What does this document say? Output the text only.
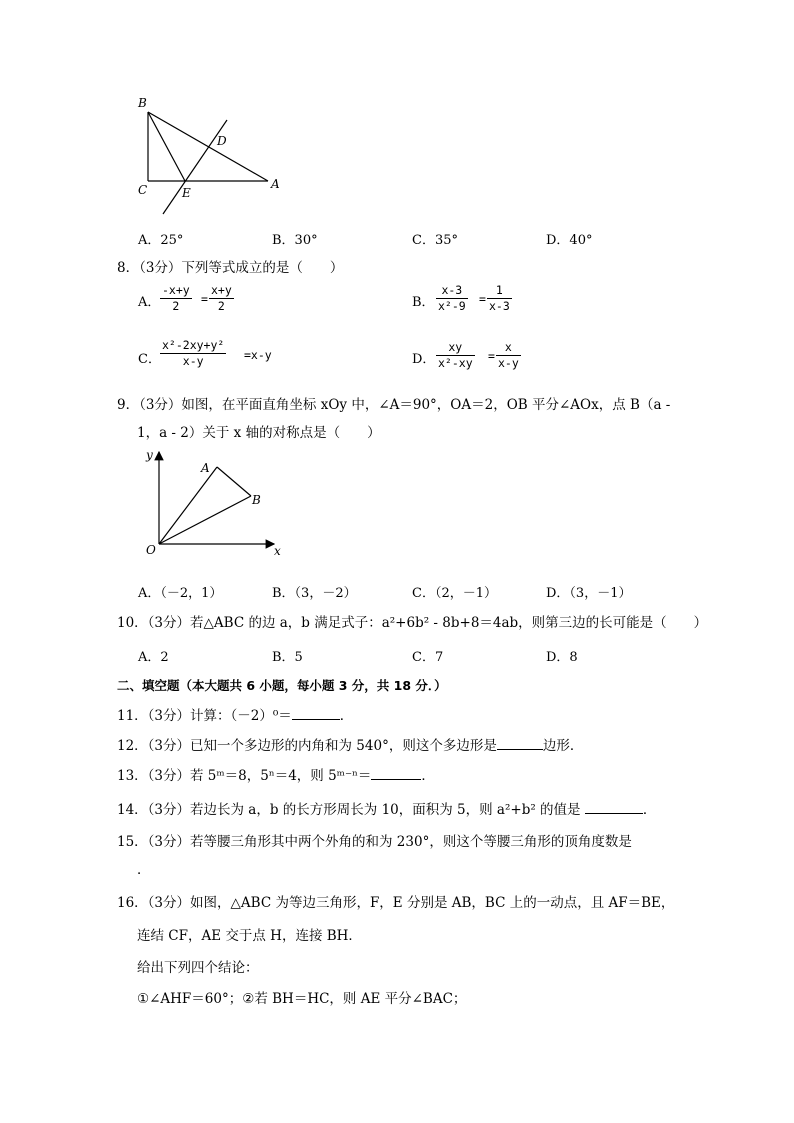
B
C
D
E
A
A．25°	B．30°	C．35°	D．40°
8．（3分）下列等式成立的是（　　）
A． $\frac{-x+y}{2} = \frac{x+y}{2}$	B． $\frac{x-3}{\text{x²-9}} = \frac{1}{x-3}$
C． $\frac{\text{x²-2xy+y²}}{x-y} =x-y$	D． $\frac{xy}{\text{x²-xy}} = \frac{x}{x-y}$
9．（3分）如图，在平面直角坐标 xOy 中，∠A＝90°，OA＝2，OB 平分∠AOx，点 B（a -
1，a - 2）关于 x 轴的对称点是（　　）
y
x
O
A
B
A．（－2，1）	B．（3，－2）	C．（2，－1）	D．（3，－1）
10．（3分）若△ABC 的边 a，b 满足式子：a²+6b² - 8b+8＝4ab，则第三边的长可能是（　　）
A．2	B．5	C．7	D．8
二、填空题（本大题共 6 小题，每小题 3 分，共 18 分．）
11．（3分）计算：（－2）⁰＝	．
12．（3分）已知一个多边形的内角和为 540°，则这个多边形是	边形．
13．（3分）若 5ᵐ＝8，5ⁿ＝4，则 5ᵐ⁻ⁿ＝	．
14．（3分）若边长为 a，b 的长方形周长为 10，面积为 5，则 a²+b² 的值是	．
15．（3分）若等腰三角形其中两个外角的和为 230°，则这个等腰三角形的顶角度数是
．
16．（3分）如图，△ABC 为等边三角形，F，E 分别是 AB，BC 上的一动点，且 AF＝BE，
连结 CF，AE 交于点 H，连接 BH．
给出下列四个结论：
①∠AHF＝60°；②若 BH＝HC，则 AE 平分∠BAC；
